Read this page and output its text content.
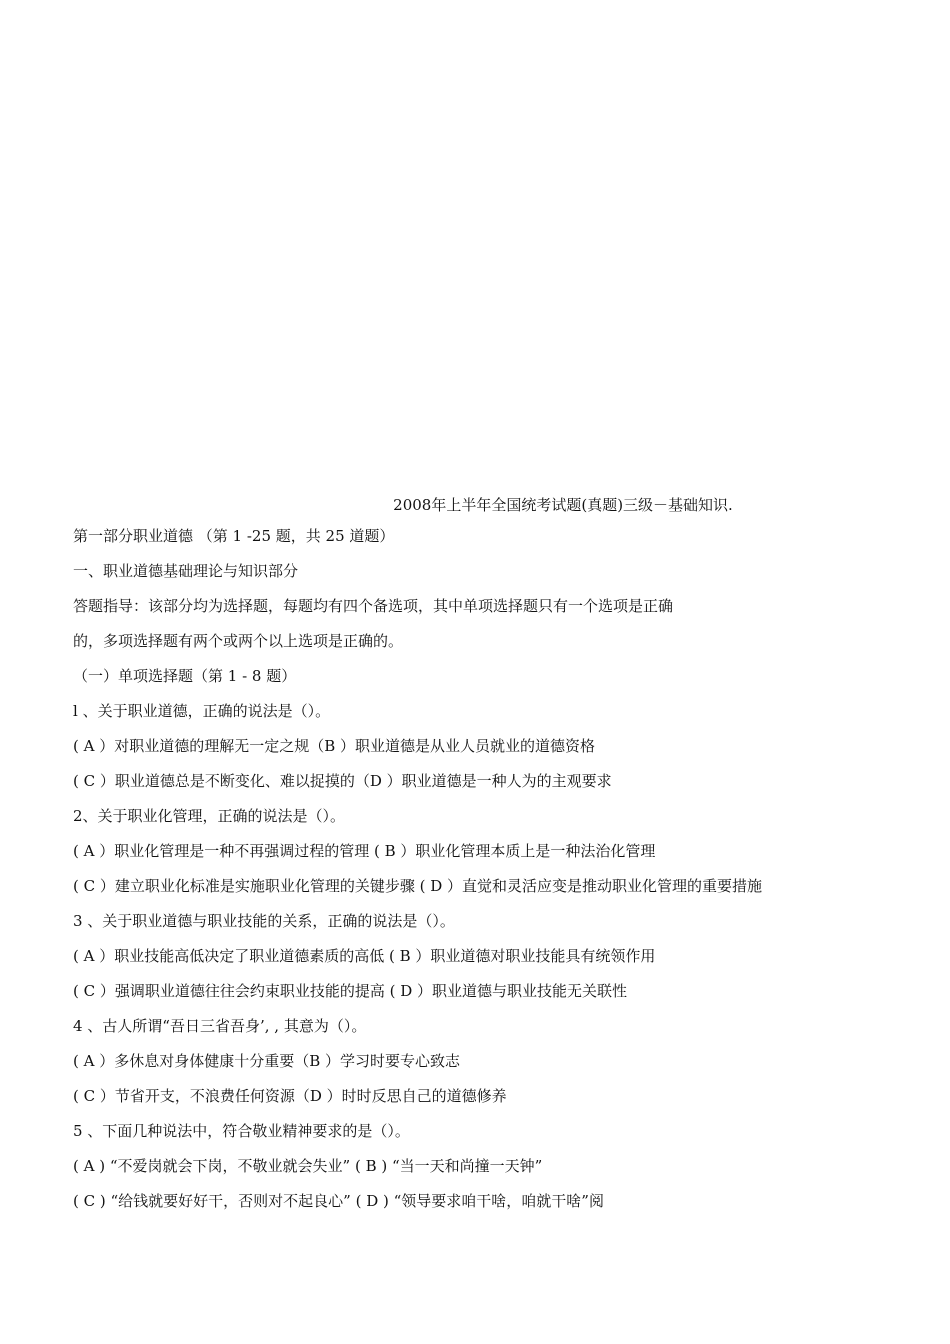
2008年上半年全国统考试题(真题)三级－基础知识.
第一部分职业道德 （第 1 -25 题，共 25 道题）
一、职业道德基础理论与知识部分
答题指导：该部分均为选择题，每题均有四个备选项，其中单项选择题只有一个选项是正确
的，多项选择题有两个或两个以上选项是正确的。
（一）单项选择题（第 1 - 8 题）
l 、关于职业道德，正确的说法是（）。
( A ）对职业道德的理解无一定之规（B ）职业道德是从业人员就业的道德资格
( C ）职业道德总是不断变化、难以捉摸的（D ）职业道德是一种人为的主观要求
2、关于职业化管理，正确的说法是（）。
( A ）职业化管理是一种不再强调过程的管理 ( B ）职业化管理本质上是一种法治化管理
( C ）建立职业化标准是实施职业化管理的关键步骤 ( D ）直觉和灵活应变是推动职业化管理的重要措施
3 、关于职业道德与职业技能的关系，正确的说法是（）。
( A ）职业技能高低决定了职业道德素质的高低 ( B ）职业道德对职业技能具有统领作用
( C ）强调职业道德往往会约束职业技能的提高 ( D ）职业道德与职业技能无关联性
4 、古人所谓“吾日三省吾身’, , 其意为（）。
( A ）多休息对身体健康十分重要（B ）学习时要专心致志
( C ）节省开支，不浪费任何资源（D ）时时反思自己的道德修养
5 、下面几种说法中，符合敬业精神要求的是（）。
( A ) “不爱岗就会下岗，不敬业就会失业” ( B ) “当一天和尚撞一天钟”
( C ) “给钱就要好好干，否则对不起良心” ( D ) “领导要求咱干啥，咱就干啥”阅
